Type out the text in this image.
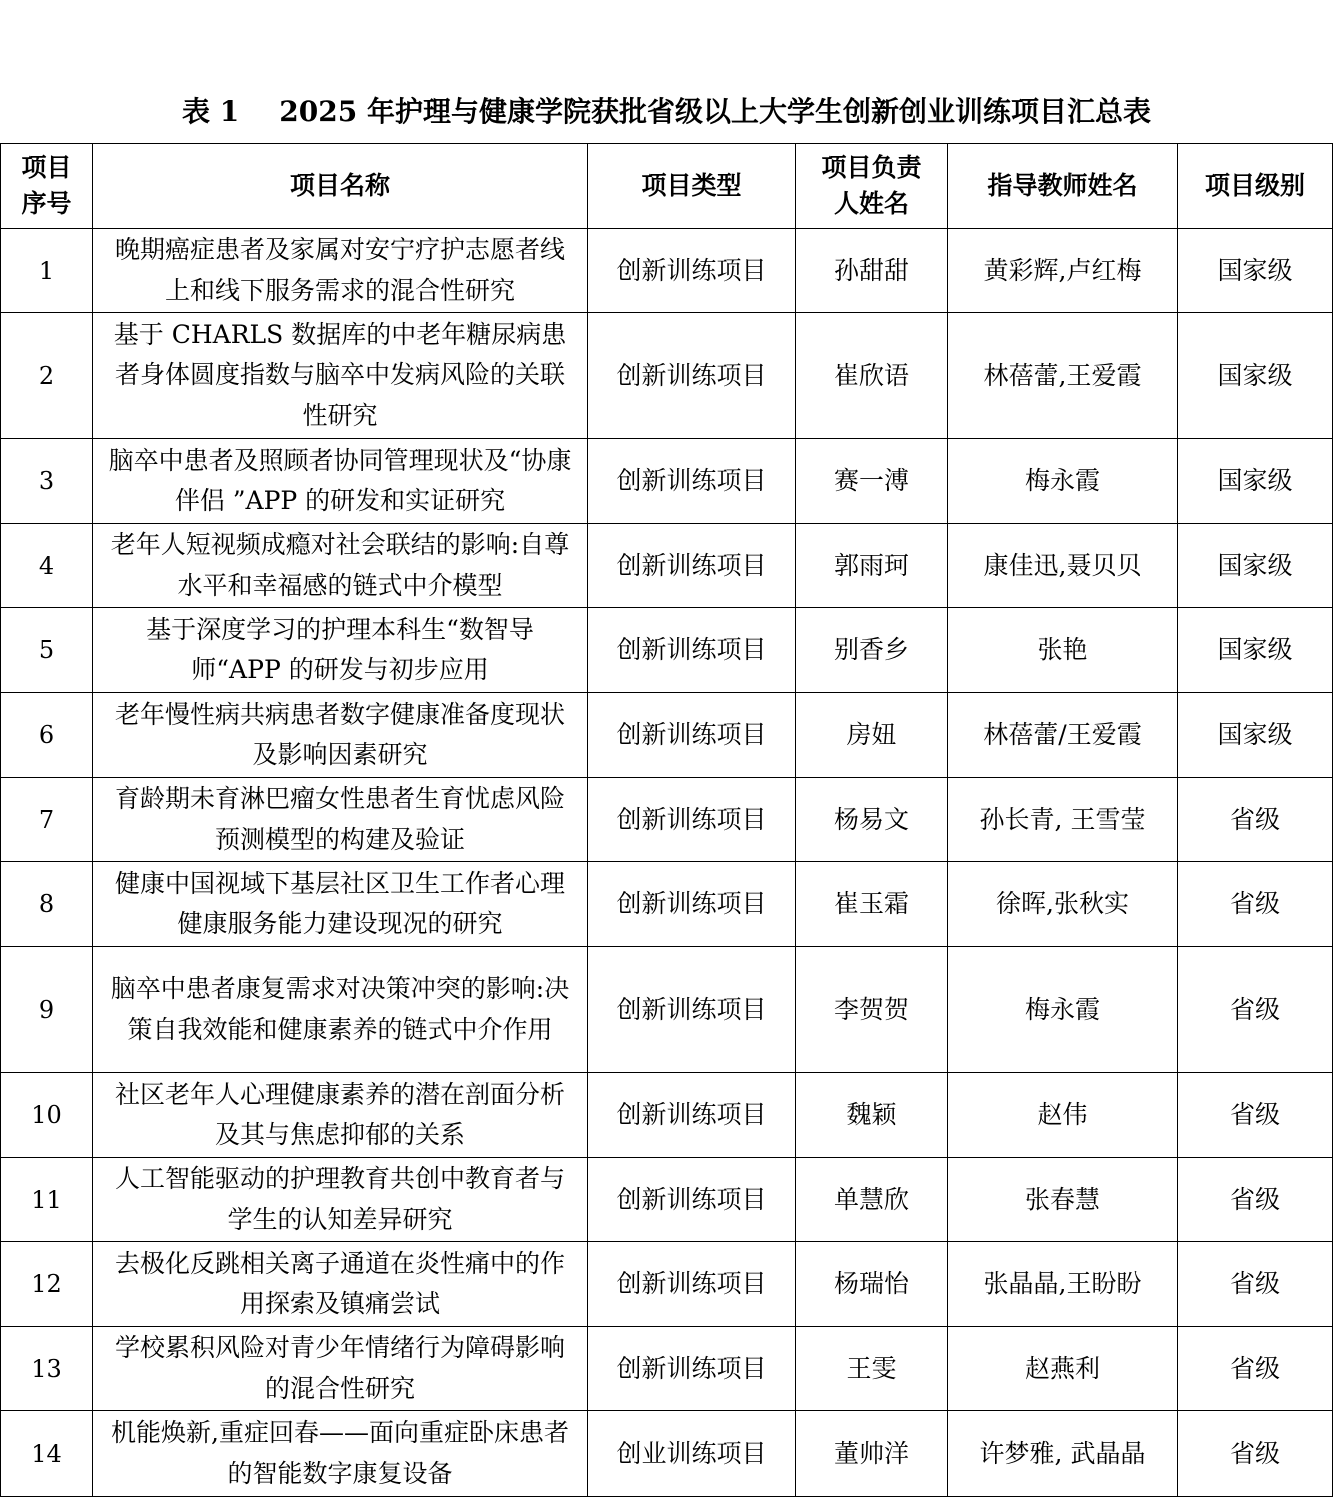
表 1 2025 年护理与健康学院获批省级以上大学生创新创业训练项目汇总表
项目序号	项目名称	项目类型	项目负责人姓名	指导教师姓名	项目级别
1	晚期癌症患者及家属对安宁疗护志愿者线上和线下服务需求的混合性研究	创新训练项目	孙甜甜	黄彩辉,卢红梅	国家级
2	基于 CHARLS 数据库的中老年糖尿病患者身体圆度指数与脑卒中发病风险的关联性研究	创新训练项目	崔欣语	林蓓蕾,王爱霞	国家级
3	脑卒中患者及照顾者协同管理现状及“协康伴侣 ”APP 的研发和实证研究	创新训练项目	赛一溥	梅永霞	国家级
4	老年人短视频成瘾对社会联结的影响:自尊水平和幸福感的链式中介模型	创新训练项目	郭雨珂	康佳迅,聂贝贝	国家级
5	基于深度学习的护理本科生“数智导师“APP 的研发与初步应用	创新训练项目	别香乡	张艳	国家级
6	老年慢性病共病患者数字健康准备度现状及影响因素研究	创新训练项目	房妞	林蓓蕾/王爱霞	国家级
7	育龄期未育淋巴瘤女性患者生育忧虑风险预测模型的构建及验证	创新训练项目	杨易文	孙长青, 王雪莹	省级
8	健康中国视域下基层社区卫生工作者心理健康服务能力建设现况的研究	创新训练项目	崔玉霜	徐晖,张秋实	省级
9	脑卒中患者康复需求对决策冲突的影响:决策自我效能和健康素养的链式中介作用	创新训练项目	李贺贺	梅永霞	省级
10	社区老年人心理健康素养的潜在剖面分析及其与焦虑抑郁的关系	创新训练项目	魏颖	赵伟	省级
11	人工智能驱动的护理教育共创中教育者与学生的认知差异研究	创新训练项目	单慧欣	张春慧	省级
12	去极化反跳相关离子通道在炎性痛中的作用探索及镇痛尝试	创新训练项目	杨瑞怡	张晶晶,王盼盼	省级
13	学校累积风险对青少年情绪行为障碍影响的混合性研究	创新训练项目	王雯	赵燕利	省级
14	机能焕新,重症回春——面向重症卧床患者的智能数字康复设备	创业训练项目	董帅洋	许梦雅, 武晶晶	省级
